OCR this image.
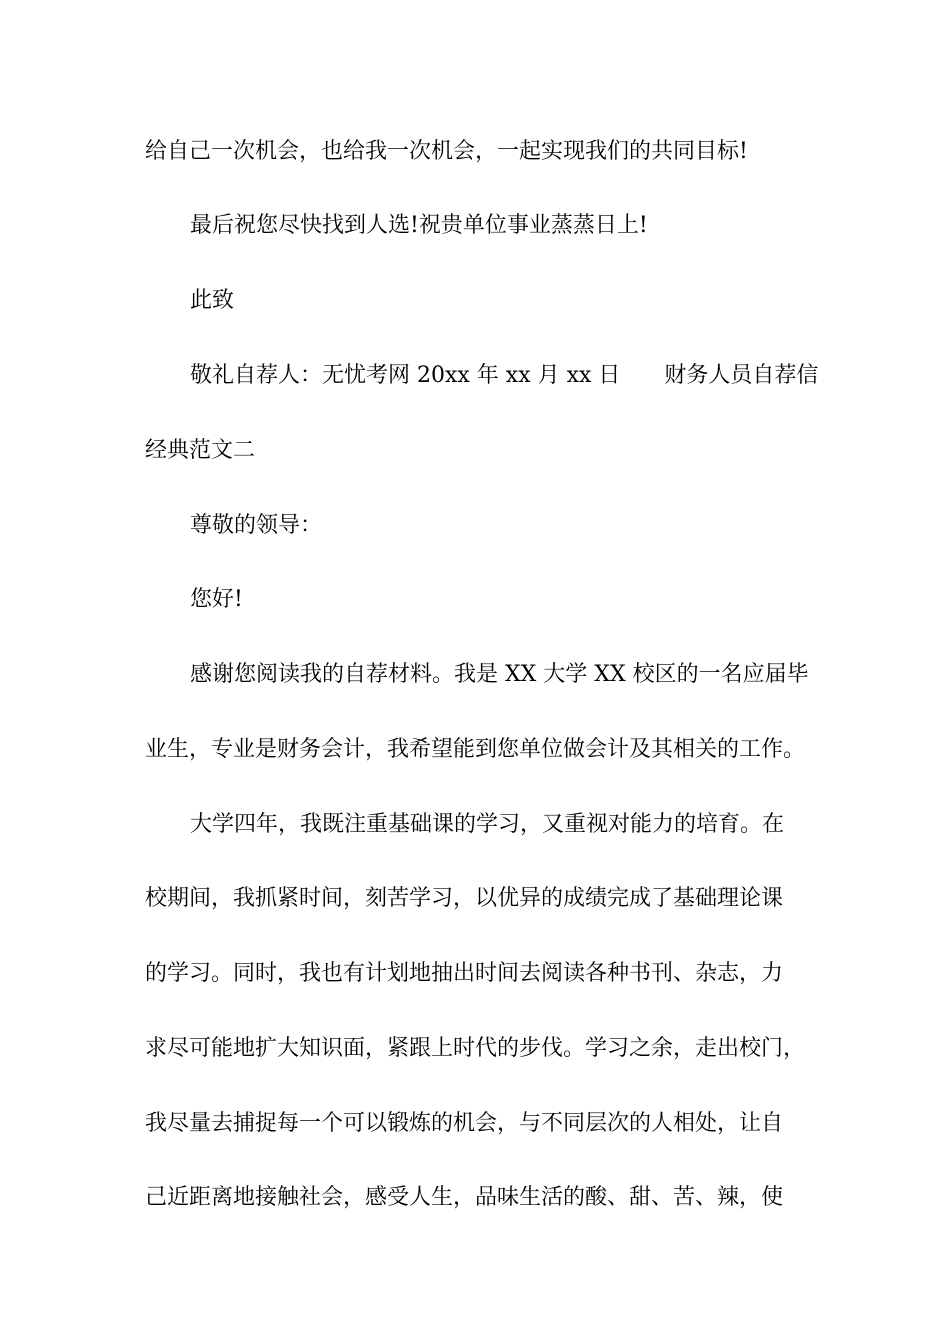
给自己一次机会，也给我一次机会，一起实现我们的共同目标!
最后祝您尽快找到人选!祝贵单位事业蒸蒸日上!
此致
敬礼自荐人：无忧考网 20xx 年 xx 月 xx 日　　财务人员自荐信
经典范文二
尊敬的领导：
您好!
感谢您阅读我的自荐材料。我是 XX 大学 XX 校区的一名应届毕
业生，专业是财务会计，我希望能到您单位做会计及其相关的工作。
大学四年，我既注重基础课的学习，又重视对能力的培育。在
校期间，我抓紧时间，刻苦学习，以优异的成绩完成了基础理论课
的学习。同时，我也有计划地抽出时间去阅读各种书刊、杂志，力
求尽可能地扩大知识面，紧跟上时代的步伐。学习之余，走出校门，
我尽量去捕捉每一个可以锻炼的机会，与不同层次的人相处，让自
己近距离地接触社会，感受人生，品味生活的酸、甜、苦、辣，使
